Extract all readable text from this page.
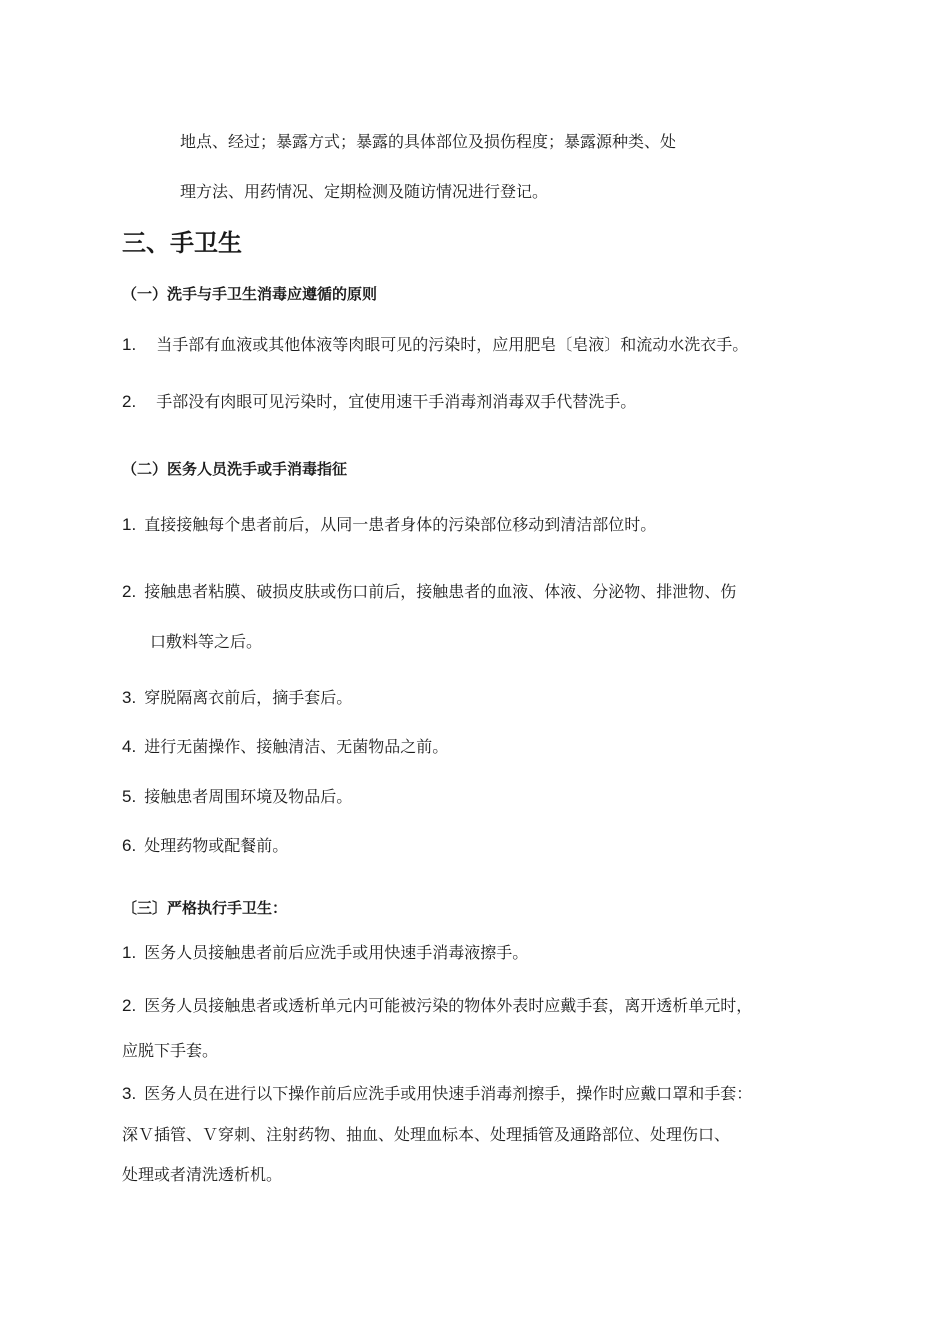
地点、经过；暴露方式；暴露的具体部位及损伤程度；暴露源种类、处
理方法、用药情况、定期检测及随访情况进行登记。
三、手卫生
（一）洗手与手卫生消毒应遵循的原则
1. 当手部有血液或其他体液等肉眼可见的污染时，应用肥皂〔皂液〕和流动水洗衣手。
2. 手部没有肉眼可见污染时，宜使用速干手消毒剂消毒双手代替洗手。
（二）医务人员洗手或手消毒指征
1. 直接接触每个患者前后，从同一患者身体的污染部位移动到清洁部位时。
2. 接触患者粘膜、破损皮肤或伤口前后，接触患者的血液、体液、分泌物、排泄物、伤
口敷料等之后。
3. 穿脱隔离衣前后，摘手套后。
4. 进行无菌操作、接触清洁、无菌物品之前。
5. 接触患者周围环境及物品后。
6. 处理药物或配餐前。
〔三〕严格执行手卫生：
1. 医务人员接触患者前后应洗手或用快速手消毒液擦手。
2. 医务人员接触患者或透析单元内可能被污染的物体外表时应戴手套，离开透析单元时，
应脱下手套。
3. 医务人员在进行以下操作前后应洗手或用快速手消毒剂擦手，操作时应戴口罩和手套：
深Ｖ插管、Ｖ穿刺、注射药物、抽血、处理血标本、处理插管及通路部位、处理伤口、
处理或者清洗透析机。
